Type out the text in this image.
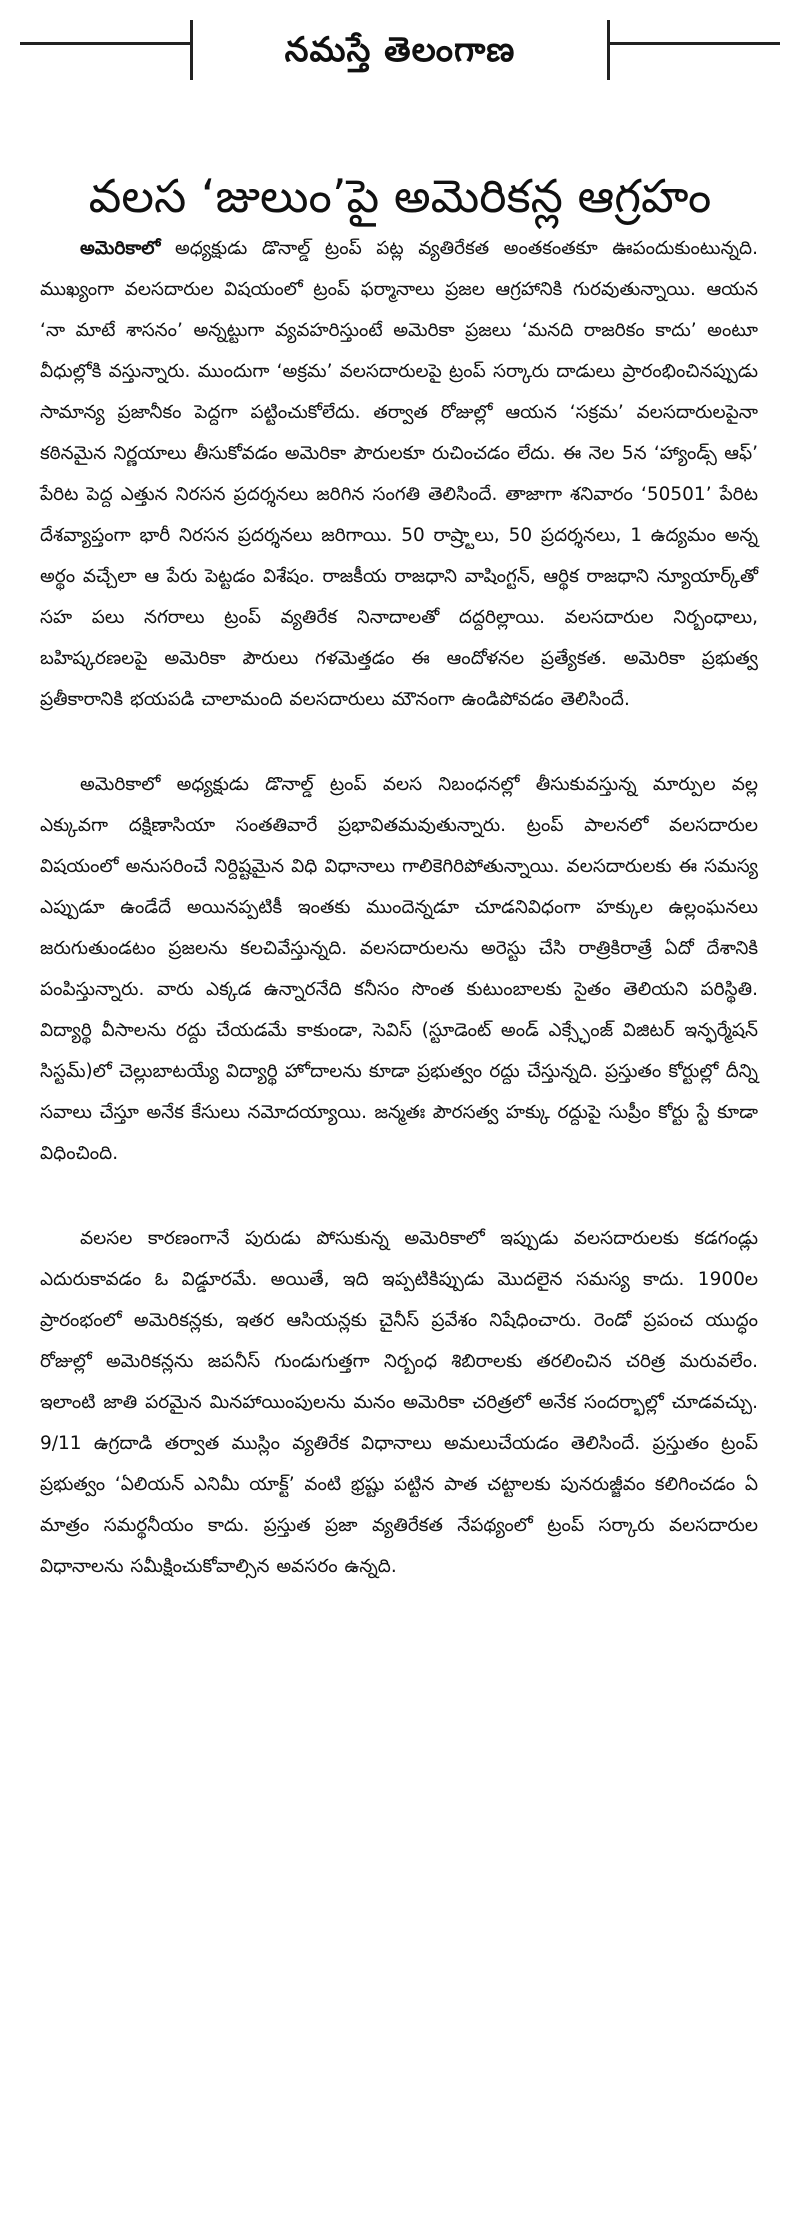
నమస్తే తెలంగాణ
వలస ‘జులుం’పై అమెరికన్ల ఆగ్రహం

అమెరికాలో అధ్యక్షుడు డొనాల్డ్ ట్రంప్ పట్ల వ్యతిరేకత అంతకంతకూ ఊపందుకుంటున్నది. ముఖ్యంగా వలసదారుల విషయంలో ట్రంప్ ఫర్మానాలు ప్రజల ఆగ్రహానికి గురవుతున్నాయి. ఆయన ‘నా మాటే శాసనం’ అన్నట్టుగా వ్యవహరిస్తుంటే అమెరికా ప్రజలు ‘మనది రాజరికం కాదు’ అంటూ వీధుల్లోకి వస్తున్నారు. ముందుగా ‘అక్రమ’ వలసదారులపై ట్రంప్ సర్కారు దాడులు ప్రారంభించినప్పుడు సామాన్య ప్రజానీకం పెద్దగా పట్టించుకోలేదు. తర్వాత రోజుల్లో ఆయన ‘సక్రమ’ వలసదారులపైనా కఠినమైన నిర్ణయాలు తీసుకోవడం అమెరికా పౌరులకూ రుచించడం లేదు. ఈ నెల 5న ‘హ్యాండ్స్ ఆఫ్’ పేరిట పెద్ద ఎత్తున నిరసన ప్రదర్శనలు జరిగిన సంగతి తెలిసిందే. తాజాగా శనివారం ‘50501’ పేరిట దేశవ్యాప్తంగా భారీ నిరసన ప్రదర్శనలు జరిగాయి. 50 రాష్ర్టాలు, 50 ప్రదర్శనలు, 1 ఉద్యమం అన్న అర్థం వచ్చేలా ఆ పేరు పెట్టడం విశేషం. రాజకీయ రాజధాని వాషింగ్టన్, ఆర్థిక రాజధాని న్యూయార్క్‌తో సహ పలు నగరాలు ట్రంప్ వ్యతిరేక నినాదాలతో దద్దరిల్లాయి. వలసదారుల నిర్బంధాలు, బహిష్కరణలపై అమెరికా పౌరులు గళమెత్తడం ఈ ఆందోళనల ప్రత్యేకత. అమెరికా ప్రభుత్వ ప్రతీకారానికి భయపడి చాలామంది వలసదారులు మౌనంగా ఉండిపోవడం తెలిసిందే.

అమెరికాలో అధ్యక్షుడు డొనాల్డ్ ట్రంప్ వలస నిబంధనల్లో తీసుకువస్తున్న మార్పుల వల్ల ఎక్కువగా దక్షిణాసియా సంతతివారే ప్రభావితమవుతున్నారు. ట్రంప్ పాలనలో వలసదారుల విషయంలో అనుసరించే నిర్దిష్టమైన విధి విధానాలు గాలికెగిరిపోతున్నాయి. వలసదారులకు ఈ సమస్య ఎప్పుడూ ఉండేదే అయినప్పటికీ ఇంతకు ముందెన్నడూ చూడనివిధంగా హక్కుల ఉల్లంఘనలు జరుగుతుండటం ప్రజలను కలచివేస్తున్నది. వలసదారులను అరెస్టు చేసి రాత్రికిరాత్రే ఏదో దేశానికి పంపిస్తున్నారు. వారు ఎక్కడ ఉన్నారనేది కనీసం సొంత కుటుంబాలకు సైతం తెలియని పరిస్థితి. విద్యార్థి వీసాలను రద్దు చేయడమే కాకుండా, సెవిస్ (స్టూడెంట్ అండ్ ఎక్స్ఛేంజ్ విజిటర్ ఇన్ఫర్మేషన్ సిస్టమ్)లో చెల్లుబాటయ్యే విద్యార్థి హోదాలను కూడా ప్రభుత్వం రద్దు చేస్తున్నది. ప్రస్తుతం కోర్టుల్లో దీన్ని సవాలు చేస్తూ అనేక కేసులు నమోదయ్యాయి. జన్మతః పౌరసత్వ హక్కు రద్దుపై సుప్రీం కోర్టు స్టే కూడా విధించింది.

వలసల కారణంగానే పురుడు పోసుకున్న అమెరికాలో ఇప్పుడు వలసదారులకు కడగండ్లు ఎదురుకావడం ఓ విడ్డూరమే. అయితే, ఇది ఇప్పటికిప్పుడు మొదలైన సమస్య కాదు. 1900ల ప్రారంభంలో అమెరికన్లకు, ఇతర ఆసియన్లకు చైనీస్ ప్రవేశం నిషేధించారు. రెండో ప్రపంచ యుద్ధం రోజుల్లో అమెరికన్లను జపనీస్ గుండుగుత్తగా నిర్బంధ శిబిరాలకు తరలించిన చరిత్ర మరువలేం. ఇలాంటి జాతి పరమైన మినహాయింపులను మనం అమెరికా చరిత్రలో అనేక సందర్భాల్లో చూడవచ్చు. 9/11 ఉగ్రదాడి తర్వాత ముస్లిం వ్యతిరేక విధానాలు అమలుచేయడం తెలిసిందే. ప్రస్తుతం ట్రంప్ ప్రభుత్వం ‘ఏలియన్ ఎనిమీ యాక్ట్’ వంటి భ్రష్టు పట్టిన పాత చట్టాలకు పునరుజ్జీవం కలిగించడం ఏ మాత్రం సమర్థనీయం కాదు. ప్రస్తుత ప్రజా వ్యతిరేకత నేపథ్యంలో ట్రంప్ సర్కారు వలసదారుల విధానాలను సమీక్షించుకోవాల్సిన అవసరం ఉన్నది.
